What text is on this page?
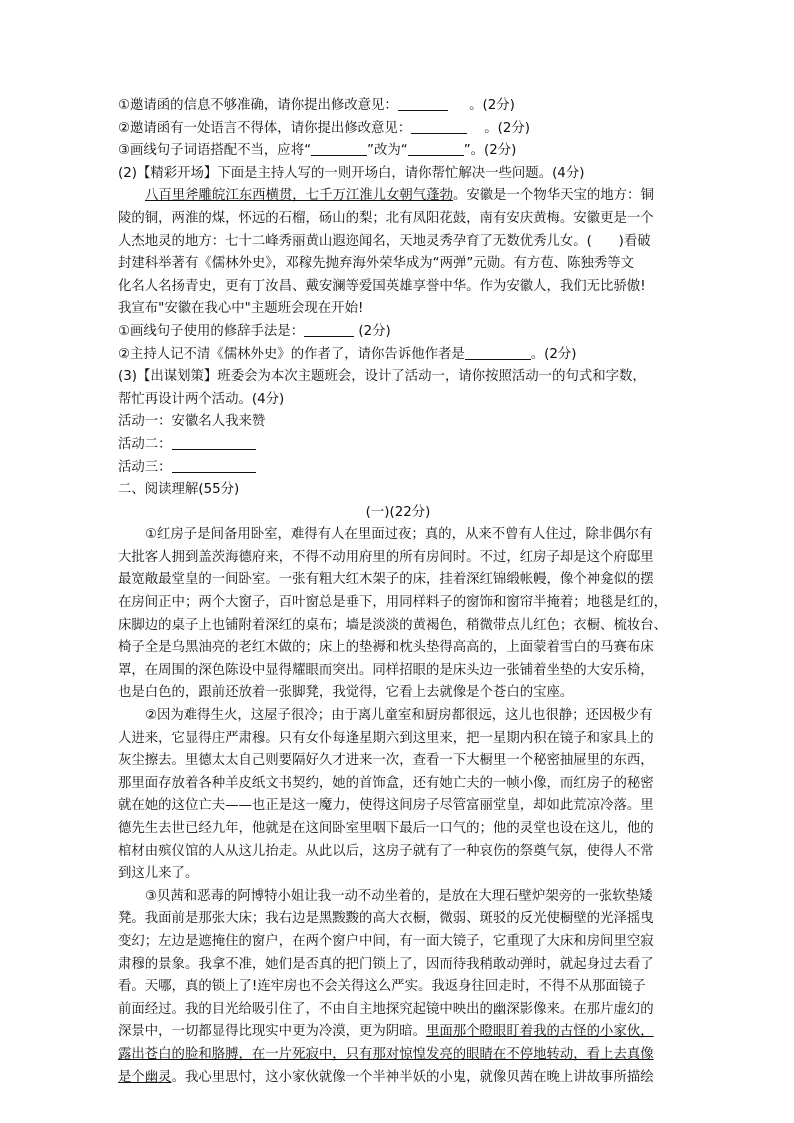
①邀请函的信息不够准确，请你提出修改意见：	。(2分)
②邀请函有一处语言不得体，请你提出修改意见：	。(2分)
③画线句子词语搭配不当，应将“	”改为“	”。(2分)
(2)【精彩开场】下面是主持人写的一则开场白，请你帮忙解决一些问题。(4分)
八百里斧雕皖江东西横贯，七千万江淮儿女朝气蓬勃。安徽是一个物华天宝的地方：铜
陵的铜，两淮的煤，怀远的石榴，砀山的梨；北有凤阳花鼓，南有安庆黄梅。安徽更是一个
人杰地灵的地方：七十二峰秀丽黄山遐迩闻名，天地灵秀孕育了无数优秀儿女。(　　)看破
封建科举著有《儒林外史》，邓稼先抛弃海外荣华成为“两弹”元勋。有方苞、陈独秀等文
化名人名扬青史，更有丁汝昌、戴安澜等爱国英雄享誉中华。作为安徽人，我们无比骄傲!
我宣布"安徽在我心中"主题班会现在开始!
①画线句子使用的修辞手法是：	(2分)
②主持人记不清《儒林外史》的作者了，请你告诉他作者是	。(2分)
(3)【出谋划策】班委会为本次主题班会，设计了活动一，请你按照活动一的句式和字数，
帮忙再设计两个活动。(4分)
活动一：安徽名人我来赞
活动二：
活动三：
二、阅读理解(55分)
(一)(22分)
①红房子是间备用卧室，难得有人在里面过夜；真的，从来不曾有人住过，除非偶尔有
大批客人拥到盖茨海德府来，不得不动用府里的所有房间时。不过，红房子却是这个府邸里
最宽敞最堂皇的一间卧室。一张有粗大红木架子的床，挂着深红锦缎帐幔，像个神龛似的摆
在房间正中；两个大窗子，百叶窗总是垂下，用同样料子的窗饰和窗帘半掩着；地毯是红的，
床脚边的桌子上也铺附着深红的桌布；墙是淡淡的黄褐色，稍微带点儿红色；衣橱、梳妆台、
椅子全是乌黑油亮的老红木做的；床上的垫褥和枕头垫得高高的，上面蒙着雪白的马赛布床
罩，在周围的深色陈设中显得耀眼而突出。同样招眼的是床头边一张铺着坐垫的大安乐椅，
也是白色的，跟前还放着一张脚凳，我觉得，它看上去就像是个苍白的宝座。
②因为难得生火，这屋子很冷；由于离儿童室和厨房都很远，这儿也很静；还因极少有
人进来，它显得庄严肃穆。只有女仆每逢星期六到这里来，把一星期内积在镜子和家具上的
灰尘擦去。里德太太自己则要隔好久才进来一次，查看一下大橱里一个秘密抽屉里的东西，
那里面存放着各种羊皮纸文书契约，她的首饰盒，还有她亡夫的一帧小像，而红房子的秘密
就在她的这位亡夫——也正是这一魔力，使得这间房子尽管富丽堂皇，却如此荒凉冷落。里
德先生去世已经九年，他就是在这间卧室里咽下最后一口气的；他的灵堂也设在这儿，他的
棺材由殡仪馆的人从这儿抬走。从此以后，这房子就有了一种哀伤的祭奠气氛，使得人不常
到这儿来了。
③贝茜和恶毒的阿博特小姐让我一动不动坐着的，是放在大理石壁炉架旁的一张软垫矮
凳。我面前是那张大床；我右边是黑黢黢的高大衣橱，微弱、斑驳的反光使橱壁的光泽摇曳
变幻；左边是遮掩住的窗户，在两个窗户中间，有一面大镜子，它重现了大床和房间里空寂
肃穆的景象。我拿不准，她们是否真的把门锁上了，因而待我稍敢动弹时，就起身过去看了
看。天哪，真的锁上了!连牢房也不会关得这么严实。我返身往回走时，不得不从那面镜子
前面经过。我的目光给吸引住了，不由自主地探究起镜中映出的幽深影像来。在那片虚幻的
深景中，一切都显得比现实中更为冷漠，更为阴暗。里面那个瞪眼盯着我的古怪的小家伙，
露出苍白的脸和胳膊，在一片死寂中，只有那对惊惶发亮的眼睛在不停地转动，看上去真像
是个幽灵。我心里思忖，这小家伙就像一个半神半妖的小鬼，就像贝茜在晚上讲故事所描绘
